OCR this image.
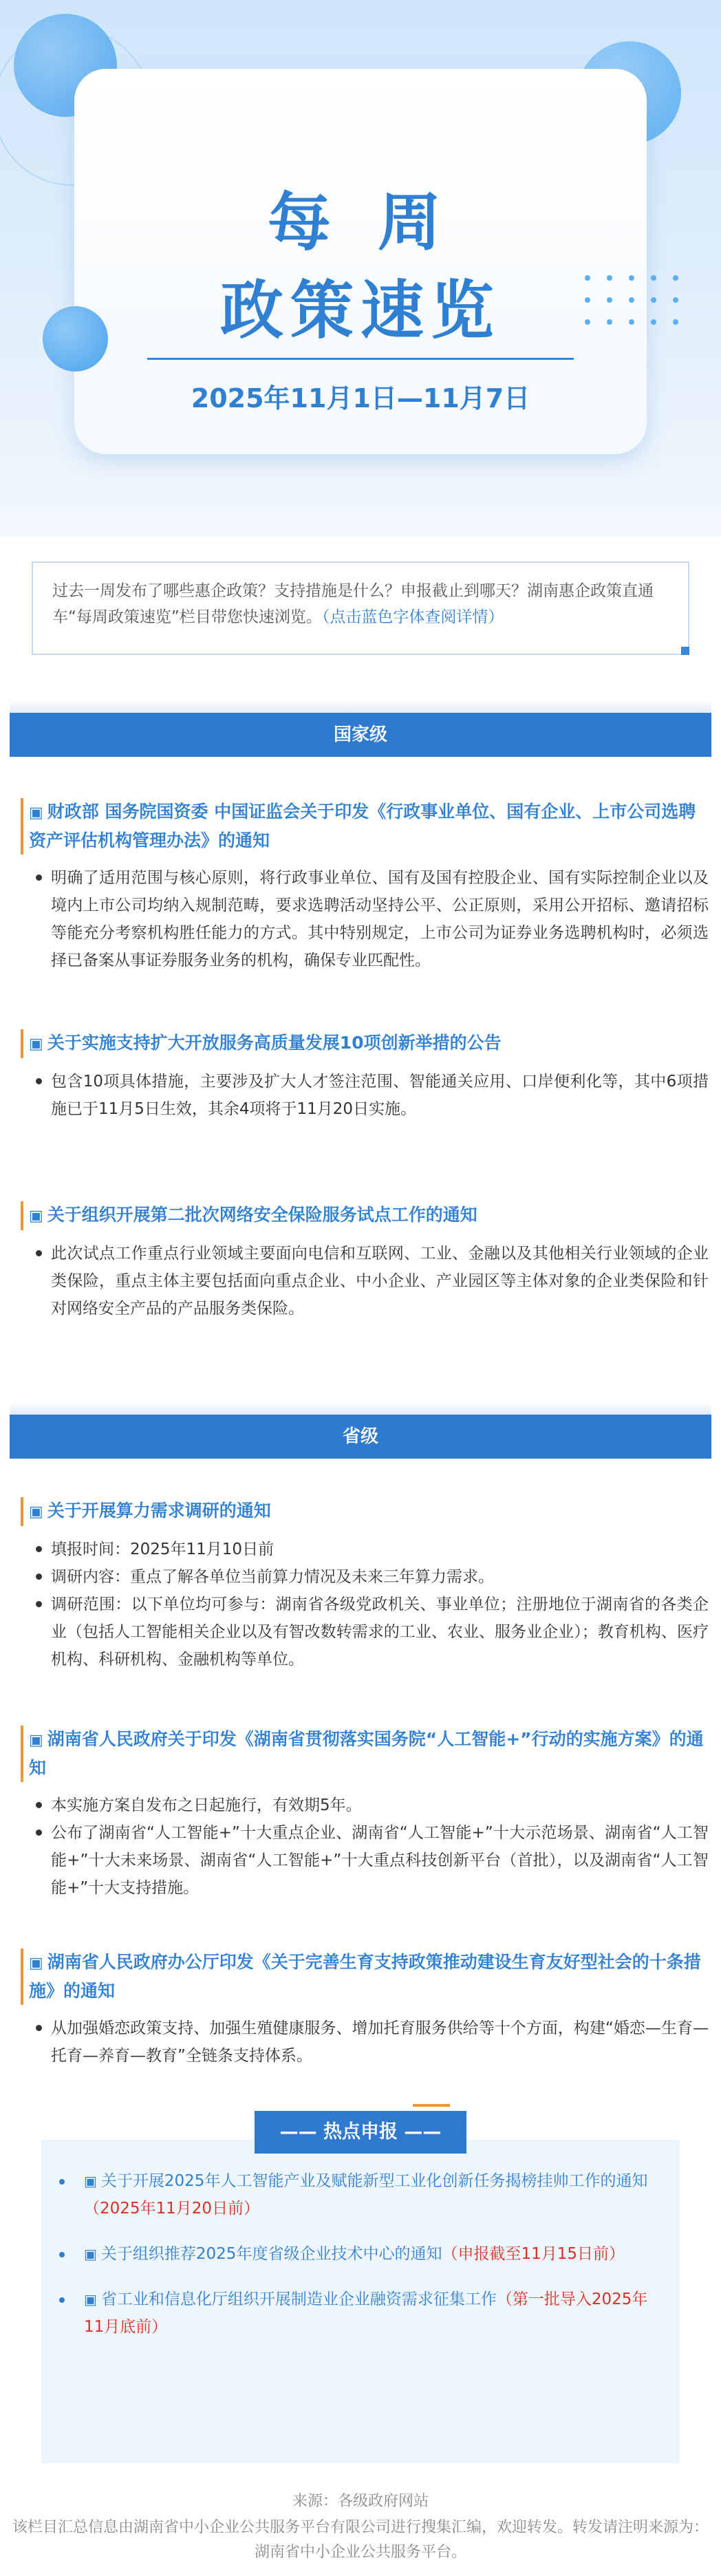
每 周
政策速览
2025年11月1日—11月7日
过去一周发布了哪些惠企政策？支持措施是什么？申报截止到哪天？湖南惠企政策直通车“每周政策速览”栏目带您快速浏览。（点击蓝色字体查阅详情）
国家级
▣ 财政部 国务院国资委 中国证监会关于印发《行政事业单位、国有企业、上市公司选聘资产评估机构管理办法》的通知
明确了适用范围与核心原则，将行政事业单位、国有及国有控股企业、国有实际控制企业以及境内上市公司均纳入规制范畴，要求选聘活动坚持公平、公正原则，采用公开招标、邀请招标等能充分考察机构胜任能力的方式。其中特别规定，上市公司为证券业务选聘机构时，必须选择已备案从事证券服务业务的机构，确保专业匹配性。
▣ 关于实施支持扩大开放服务高质量发展10项创新举措的公告
包含10项具体措施，主要涉及扩大人才签注范围、智能通关应用、口岸便利化等，其中6项措施已于11月5日生效，其余4项将于11月20日实施。
▣ 关于组织开展第二批次网络安全保险服务试点工作的通知
此次试点工作重点行业领域主要面向电信和互联网、工业、金融以及其他相关行业领域的企业类保险，重点主体主要包括面向重点企业、中小企业、产业园区等主体对象的企业类保险和针对网络安全产品的产品服务类保险。
省级
▣ 关于开展算力需求调研的通知
填报时间：2025年11月10日前
调研内容：重点了解各单位当前算力情况及未来三年算力需求。
调研范围：以下单位均可参与：湖南省各级党政机关、事业单位；注册地位于湖南省的各类企业（包括人工智能相关企业以及有智改数转需求的工业、农业、服务业企业）；教育机构、医疗机构、科研机构、金融机构等单位。
▣ 湖南省人民政府关于印发《湖南省贯彻落实国务院“人工智能+”行动的实施方案》的通知
本实施方案自发布之日起施行，有效期5年。
公布了湖南省“人工智能+”十大重点企业、湖南省“人工智能+”十大示范场景、湖南省“人工智能+”十大未来场景、湖南省“人工智能+”十大重点科技创新平台（首批），以及湖南省“人工智能+”十大支持措施。
▣ 湖南省人民政府办公厅印发《关于完善生育支持政策推动建设生育友好型社会的十条措施》的通知
从加强婚恋政策支持、加强生殖健康服务、增加托育服务供给等十个方面，构建“婚恋—生育—托育—养育—教育”全链条支持体系。
—— 热点申报 ——
▣ 关于开展2025年人工智能产业及赋能新型工业化创新任务揭榜挂帅工作的通知（2025年11月20日前）
▣ 关于组织推荐2025年度省级企业技术中心的通知（申报截至11月15日前）
▣ 省工业和信息化厅组织开展制造业企业融资需求征集工作（第一批导入2025年11月底前）
来源：各级政府网站
该栏目汇总信息由湖南省中小企业公共服务平台有限公司进行搜集汇编，欢迎转发。转发请注明来源为：湖南省中小企业公共服务平台。
